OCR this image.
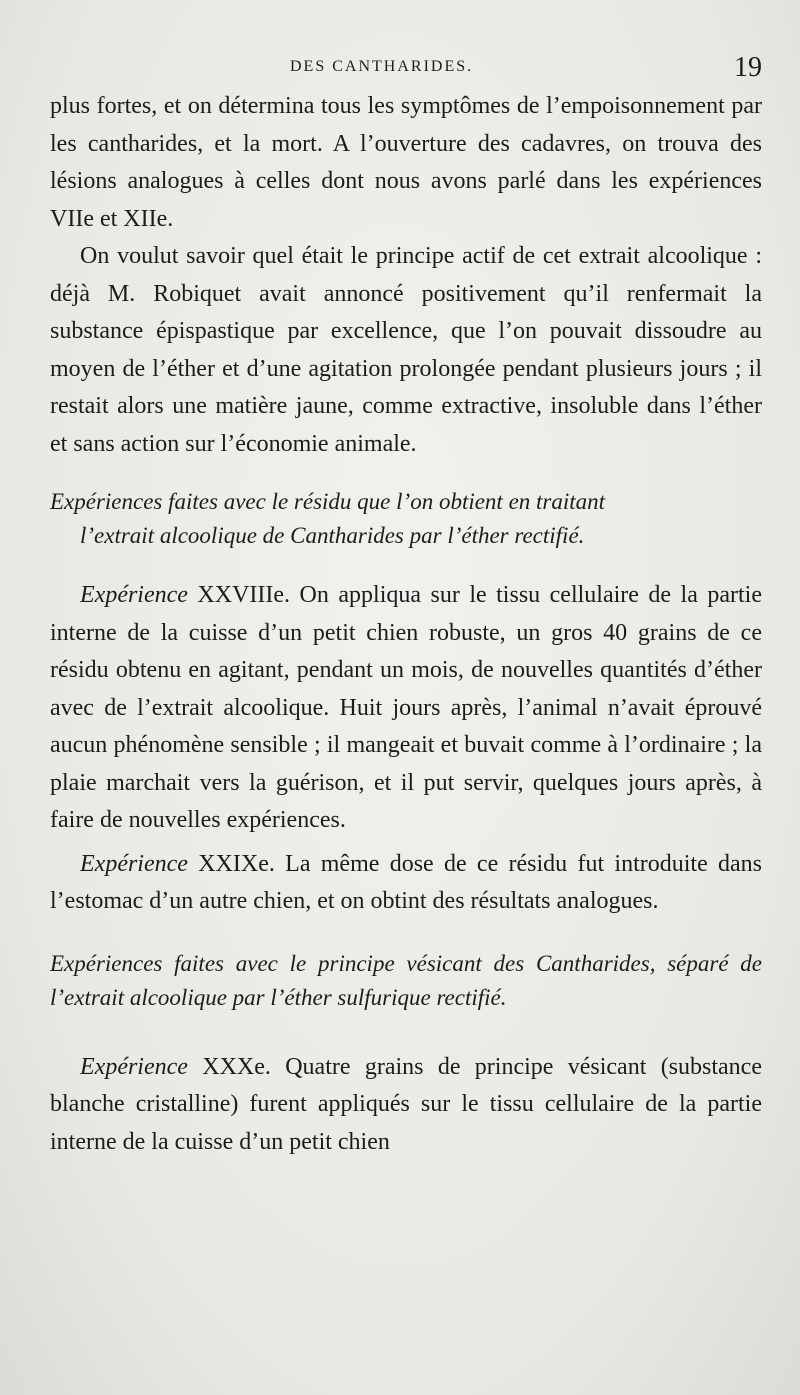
DES CANTHARIDES.	19

plus fortes, et on détermina tous les symptômes de l’empoisonnement par les cantharides, et la mort. A l’ouverture des cadavres, on trouva des lésions analogues à celles dont nous avons parlé dans les expériences VIIe et XIIe.

On voulut savoir quel était le principe actif de cet extrait alcoolique : déjà M. Robiquet avait annoncé positivement qu’il renfermait la substance épispastique par excellence, que l’on pouvait dissoudre au moyen de l’éther et d’une agitation prolongée pendant plusieurs jours ; il restait alors une matière jaune, comme extractive, insoluble dans l’éther et sans action sur l’économie animale.

Expériences faites avec le résidu que l’on obtient en traitant
l’extrait alcoolique de Cantharides par l’éther rectifié.

Expérience XXVIIIe. On appliqua sur le tissu cellulaire de la partie interne de la cuisse d’un petit chien robuste, un gros 40 grains de ce résidu obtenu en agitant, pendant un mois, de nouvelles quantités d’éther avec de l’extrait alcoolique. Huit jours après, l’animal n’avait éprouvé aucun phénomène sensible ; il mangeait et buvait comme à l’ordinaire ; la plaie marchait vers la guérison, et il put servir, quelques jours après, à faire de nouvelles expériences.

Expérience XXIXe. La même dose de ce résidu fut introduite dans l’estomac d’un autre chien, et on obtint des résultats analogues.

Expériences faites avec le principe vésicant des Cantharides, séparé de l’extrait alcoolique par l’éther sulfurique rectifié.

Expérience XXXe. Quatre grains de principe vésicant (substance blanche cristalline) furent appliqués sur le tissu cellulaire de la partie interne de la cuisse d’un petit chien
